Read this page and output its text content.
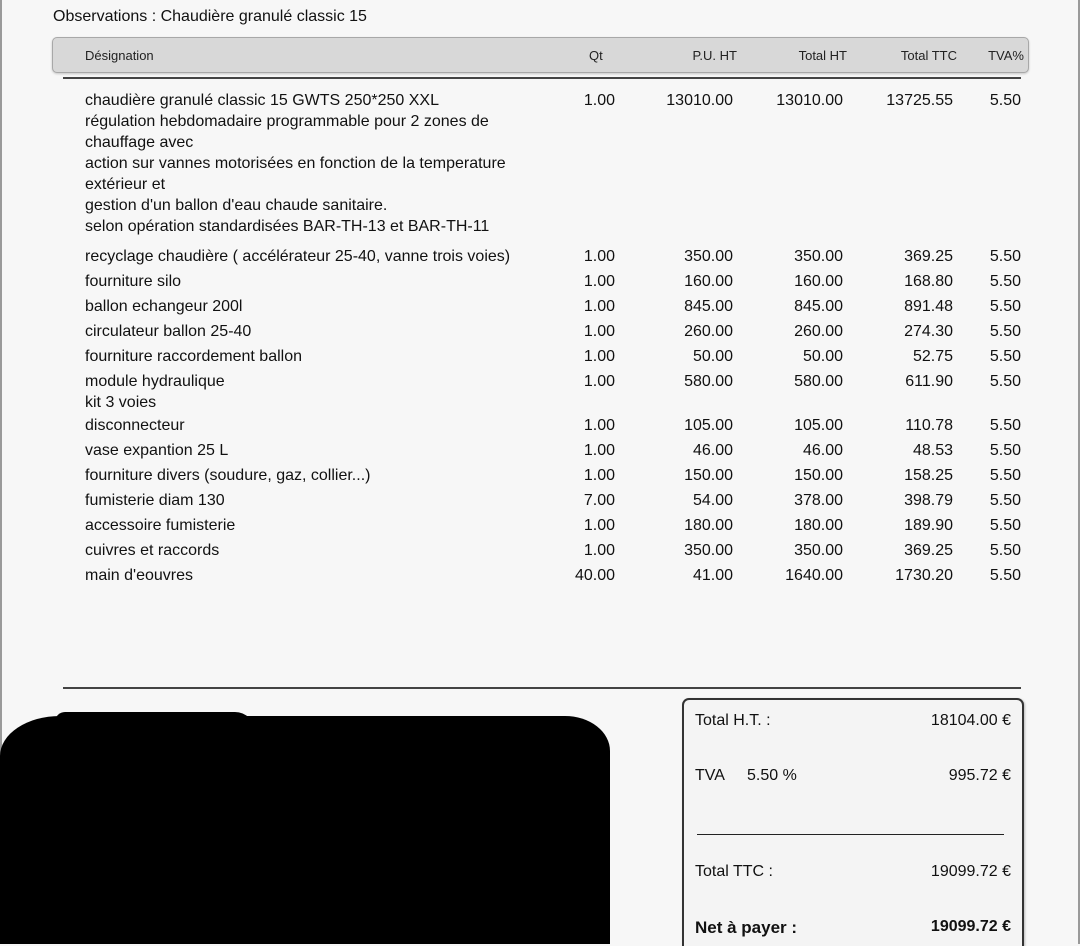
Observations : Chaudière granulé classic 15
Désignation	Qt	P.U. HT	Total HT	Total TTC TVA%
chaudière granulé classic 15 GWTS 250*250 XXL
régulation hebdomadaire programmable pour 2 zones de
chauffage avec
action sur vannes motorisées en fonction de la temperature
extérieur et
gestion d'un ballon d'eau chaude sanitaire.
selon opération standardisées BAR-TH-13 et BAR-TH-11
1.00	13010.00	13010.00	13725.55 5.50
recyclage chaudière ( accélérateur 25-40, vanne trois voies)	1.00	350.00	350.00	369.25 5.50
fourniture silo	1.00	160.00	160.00	168.80 5.50
ballon echangeur 200l	1.00	845.00	845.00	891.48 5.50
circulateur ballon 25-40	1.00	260.00	260.00	274.30 5.50
fourniture raccordement ballon	1.00	50.00	50.00	52.75 5.50
module hydraulique
kit 3 voies
1.00	580.00	580.00	611.90 5.50
disconnecteur	1.00	105.00	105.00	110.78 5.50
vase expantion 25 L	1.00	46.00	46.00	48.53 5.50
fourniture divers (soudure, gaz, collier...)	1.00	150.00	150.00	158.25 5.50
fumisterie diam 130	7.00	54.00	378.00	398.79 5.50
accessoire fumisterie	1.00	180.00	180.00	189.90 5.50
cuivres et raccords	1.00	350.00	350.00	369.25 5.50
main d'eouvres	40.00	41.00	1640.00	1730.20 5.50
Total H.T. :	18104.00 €
TVA 5.50 %	995.72 €
Total TTC :	19099.72 €
Net à payer :	19099.72 €
